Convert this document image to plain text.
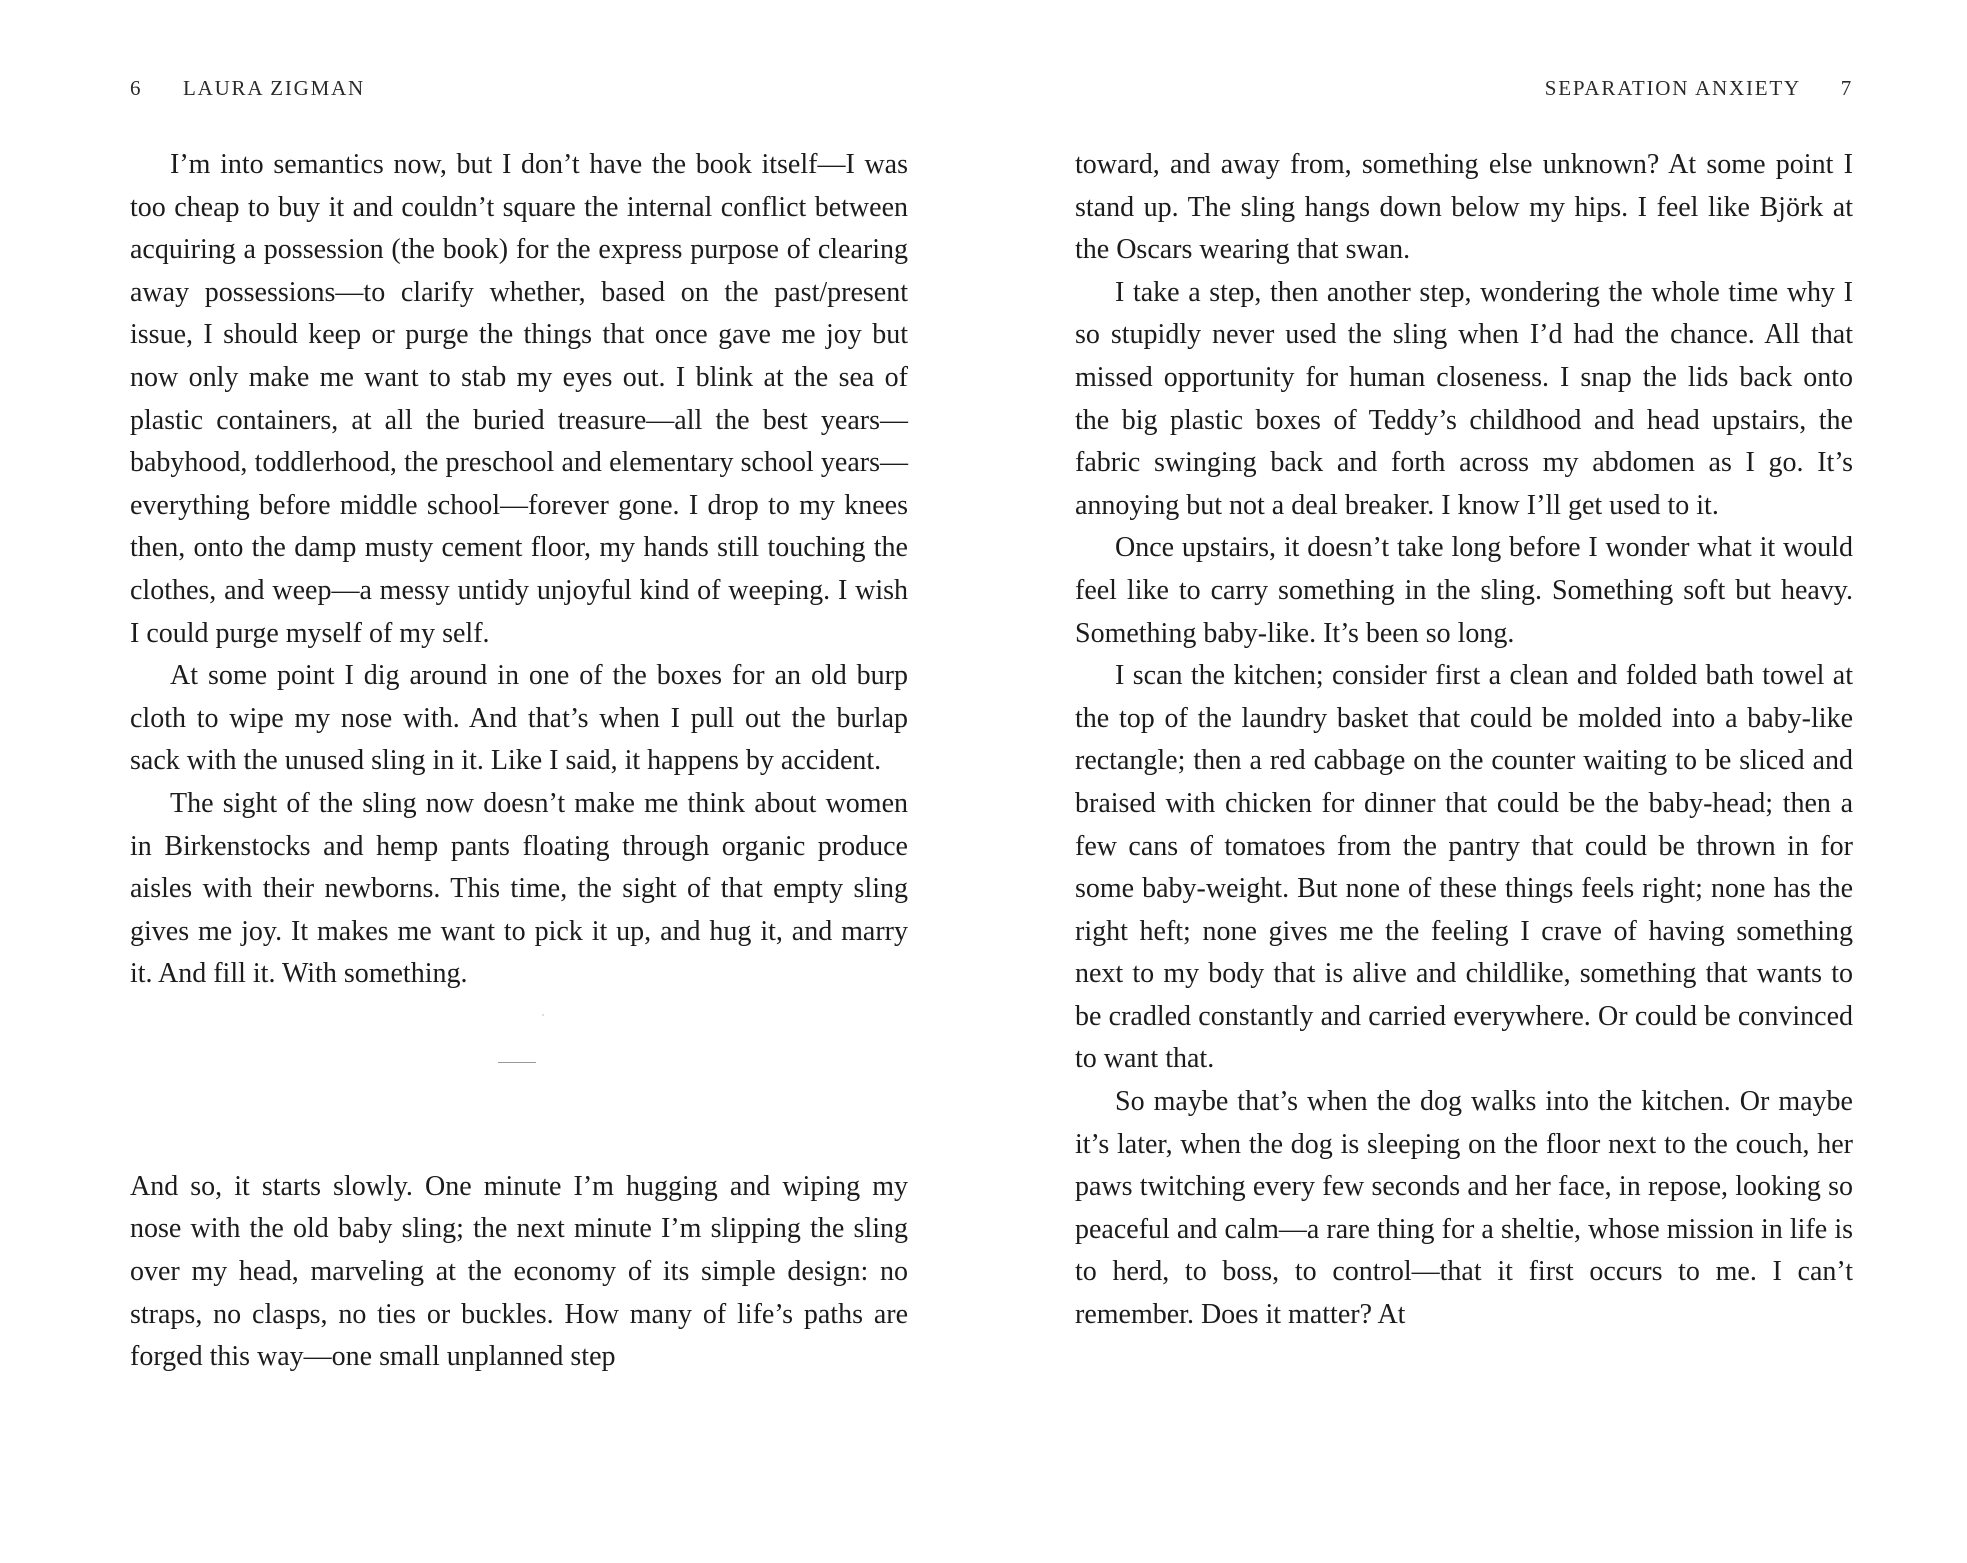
6 LAURA ZIGMAN

I’m into semantics now, but I don’t have the book itself—I was too cheap to buy it and couldn’t square the internal conflict between acquiring a possession (the book) for the express purpose of clearing away possessions—to clarify whether, based on the past/present issue, I should keep or purge the things that once gave me joy but now only make me want to stab my eyes out. I blink at the sea of plastic containers, at all the buried treasure—all the best years—babyhood, toddlerhood, the preschool and elementary school years—everything before middle school—forever gone. I drop to my knees then, onto the damp musty cement floor, my hands still touching the clothes, and weep—a messy untidy unjoyful kind of weeping. I wish I could purge myself of my self.

At some point I dig around in one of the boxes for an old burp cloth to wipe my nose with. And that’s when I pull out the burlap sack with the unused sling in it. Like I said, it happens by accident.

The sight of the sling now doesn’t make me think about women in Birkenstocks and hemp pants floating through organic produce aisles with their newborns. This time, the sight of that empty sling gives me joy. It makes me want to pick it up, and hug it, and marry it. And fill it. With something.

And so, it starts slowly. One minute I’m hugging and wiping my nose with the old baby sling; the next minute I’m slipping the sling over my head, marveling at the economy of its simple design: no straps, no clasps, no ties or buckles. How many of life’s paths are forged this way—one small unplanned step

SEPARATION ANXIETY 7

toward, and away from, something else unknown? At some point I stand up. The sling hangs down below my hips. I feel like Björk at the Oscars wearing that swan.

I take a step, then another step, wondering the whole time why I so stupidly never used the sling when I’d had the chance. All that missed opportunity for human closeness. I snap the lids back onto the big plastic boxes of Teddy’s childhood and head upstairs, the fabric swinging back and forth across my abdomen as I go. It’s annoying but not a deal breaker. I know I’ll get used to it.

Once upstairs, it doesn’t take long before I wonder what it would feel like to carry something in the sling. Something soft but heavy. Something baby-like. It’s been so long.

I scan the kitchen; consider first a clean and folded bath towel at the top of the laundry basket that could be molded into a baby-like rectangle; then a red cabbage on the counter waiting to be sliced and braised with chicken for dinner that could be the baby-head; then a few cans of tomatoes from the pantry that could be thrown in for some baby-weight. But none of these things feels right; none has the right heft; none gives me the feeling I crave of having something next to my body that is alive and childlike, something that wants to be cradled constantly and carried everywhere. Or could be convinced to want that.

So maybe that’s when the dog walks into the kitchen. Or maybe it’s later, when the dog is sleeping on the floor next to the couch, her paws twitching every few seconds and her face, in repose, looking so peaceful and calm—a rare thing for a sheltie, whose mission in life is to herd, to boss, to control—that it first occurs to me. I can’t remember. Does it matter? At
